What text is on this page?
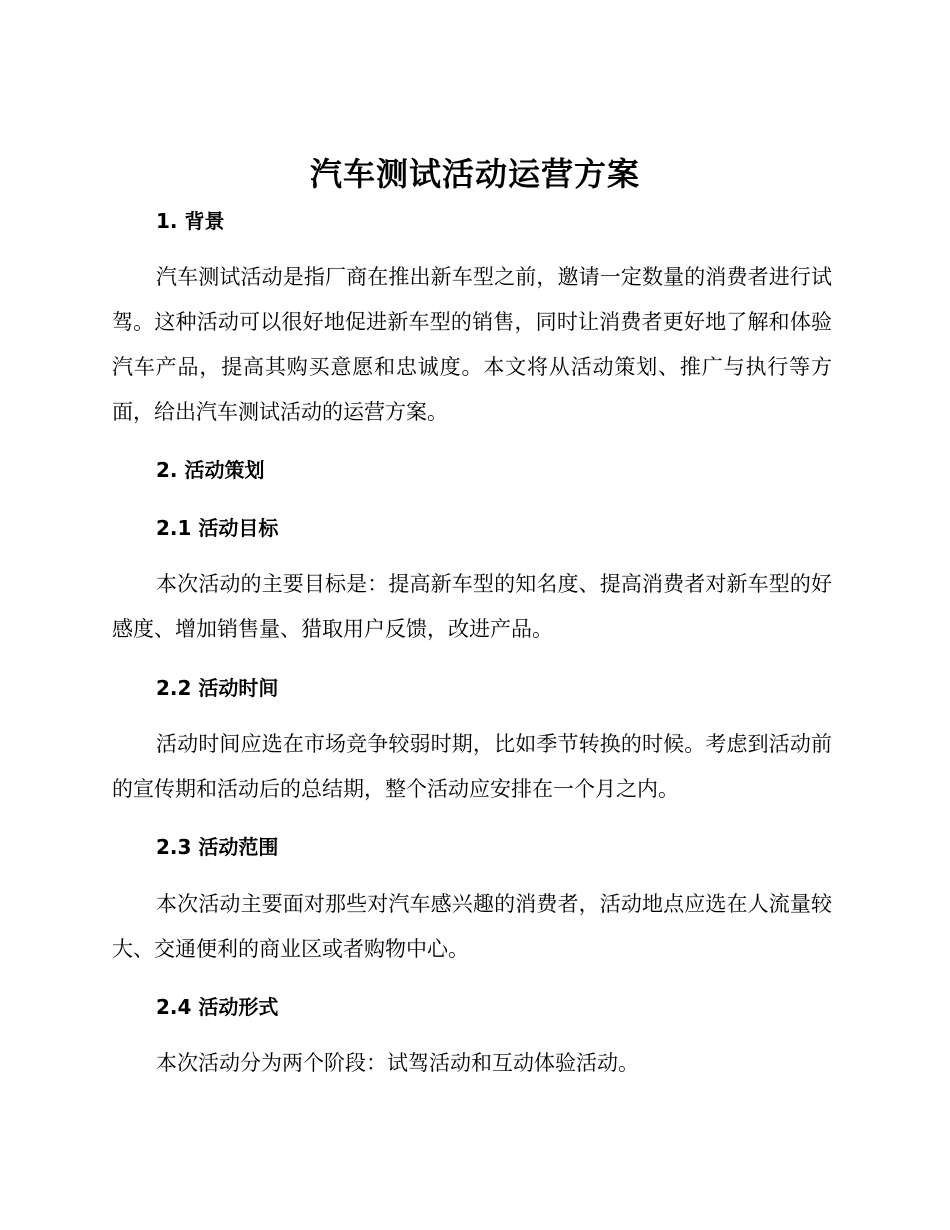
汽车测试活动运营方案
1. 背景

汽车测试活动是指厂商在推出新车型之前，邀请一定数量的消费者进行试驾。这种活动可以很好地促进新车型的销售，同时让消费者更好地了解和体验汽车产品，提高其购买意愿和忠诚度。本文将从活动策划、推广与执行等方面，给出汽车测试活动的运营方案。

2. 活动策划
2.1 活动目标

本次活动的主要目标是：提高新车型的知名度、提高消费者对新车型的好感度、增加销售量、猎取用户反馈，改进产品。

2.2 活动时间

活动时间应选在市场竞争较弱时期，比如季节转换的时候。考虑到活动前的宣传期和活动后的总结期，整个活动应安排在一个月之内。

2.3 活动范围

本次活动主要面对那些对汽车感兴趣的消费者，活动地点应选在人流量较大、交通便利的商业区或者购物中心。

2.4 活动形式

本次活动分为两个阶段：试驾活动和互动体验活动。
